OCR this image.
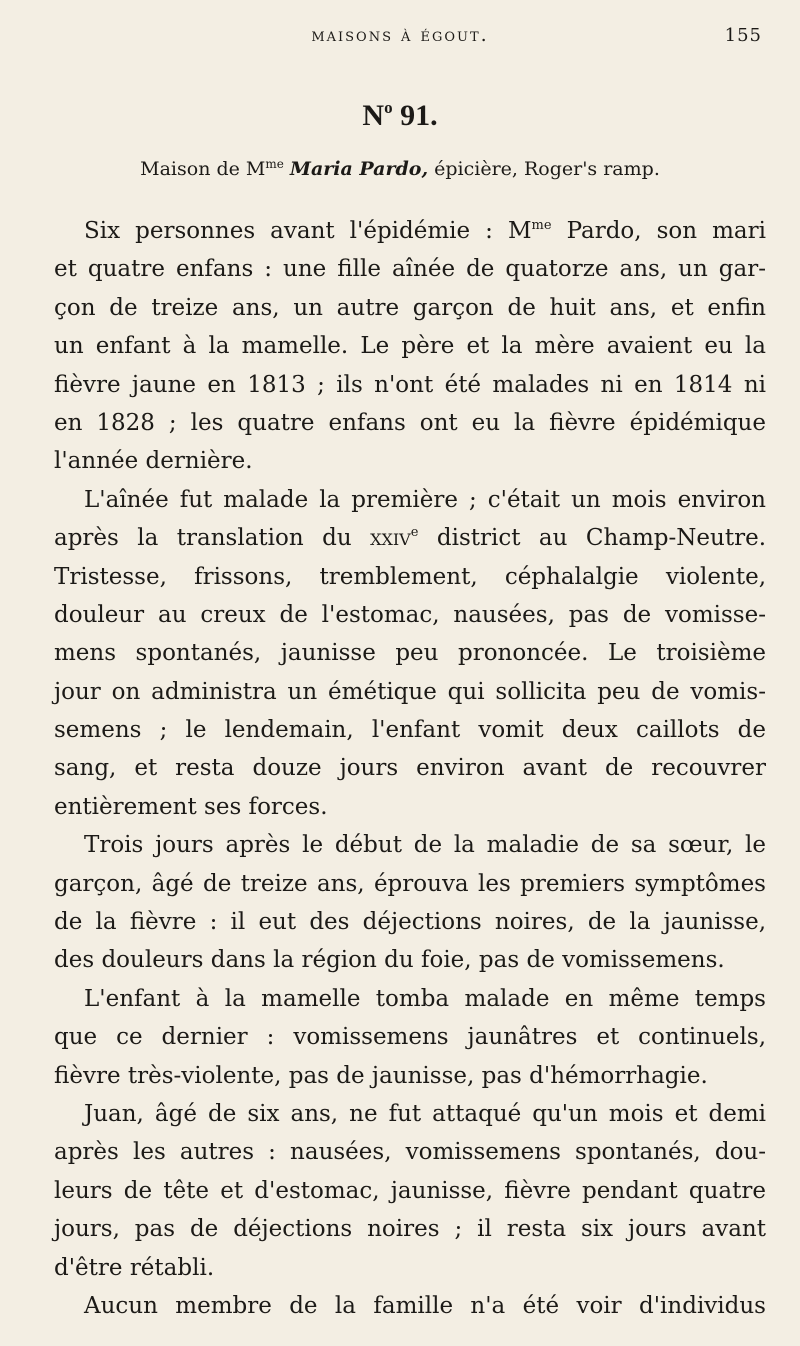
maisons à égout.	155
$N^o$ 91.
Maison de $M^{me}$ Maria Pardo, épicière, Roger's ramp.
Six personnes avant l'épidémie : $M^{me}$ Pardo, son mari
et quatre enfans : une fille aînée de quatorze ans, un gar-
çon de treize ans, un autre garçon de huit ans, et enfin
un enfant à la mamelle. Le père et la mère avaient eu la
fièvre jaune en 1813 ; ils n'ont été malades ni en 1814 ni
en 1828 ; les quatre enfans ont eu la fièvre épidémique
l'année dernière.
L'aînée fut malade la première ; c'était un mois environ
après la translation du xxiv$^e$ district au Champ-Neutre.
Tristesse, frissons, tremblement, céphalalgie violente,
douleur au creux de l'estomac, nausées, pas de vomisse-
mens spontanés, jaunisse peu prononcée. Le troisième
jour on administra un émétique qui sollicita peu de vomis-
semens ; le lendemain, l'enfant vomit deux caillots de
sang, et resta douze jours environ avant de recouvrer
entièrement ses forces.
Trois jours après le début de la maladie de sa sœur, le
garçon, âgé de treize ans, éprouva les premiers symptômes
de la fièvre : il eut des déjections noires, de la jaunisse,
des douleurs dans la région du foie, pas de vomissemens.
L'enfant à la mamelle tomba malade en même temps
que ce dernier : vomissemens jaunâtres et continuels,
fièvre très-violente, pas de jaunisse, pas d'hémorrhagie.
Juan, âgé de six ans, ne fut attaqué qu'un mois et demi
après les autres : nausées, vomissemens spontanés, dou-
leurs de tête et d'estomac, jaunisse, fièvre pendant quatre
jours, pas de déjections noires ; il resta six jours avant
d'être rétabli.
Aucun membre de la famille n'a été voir d'individus
